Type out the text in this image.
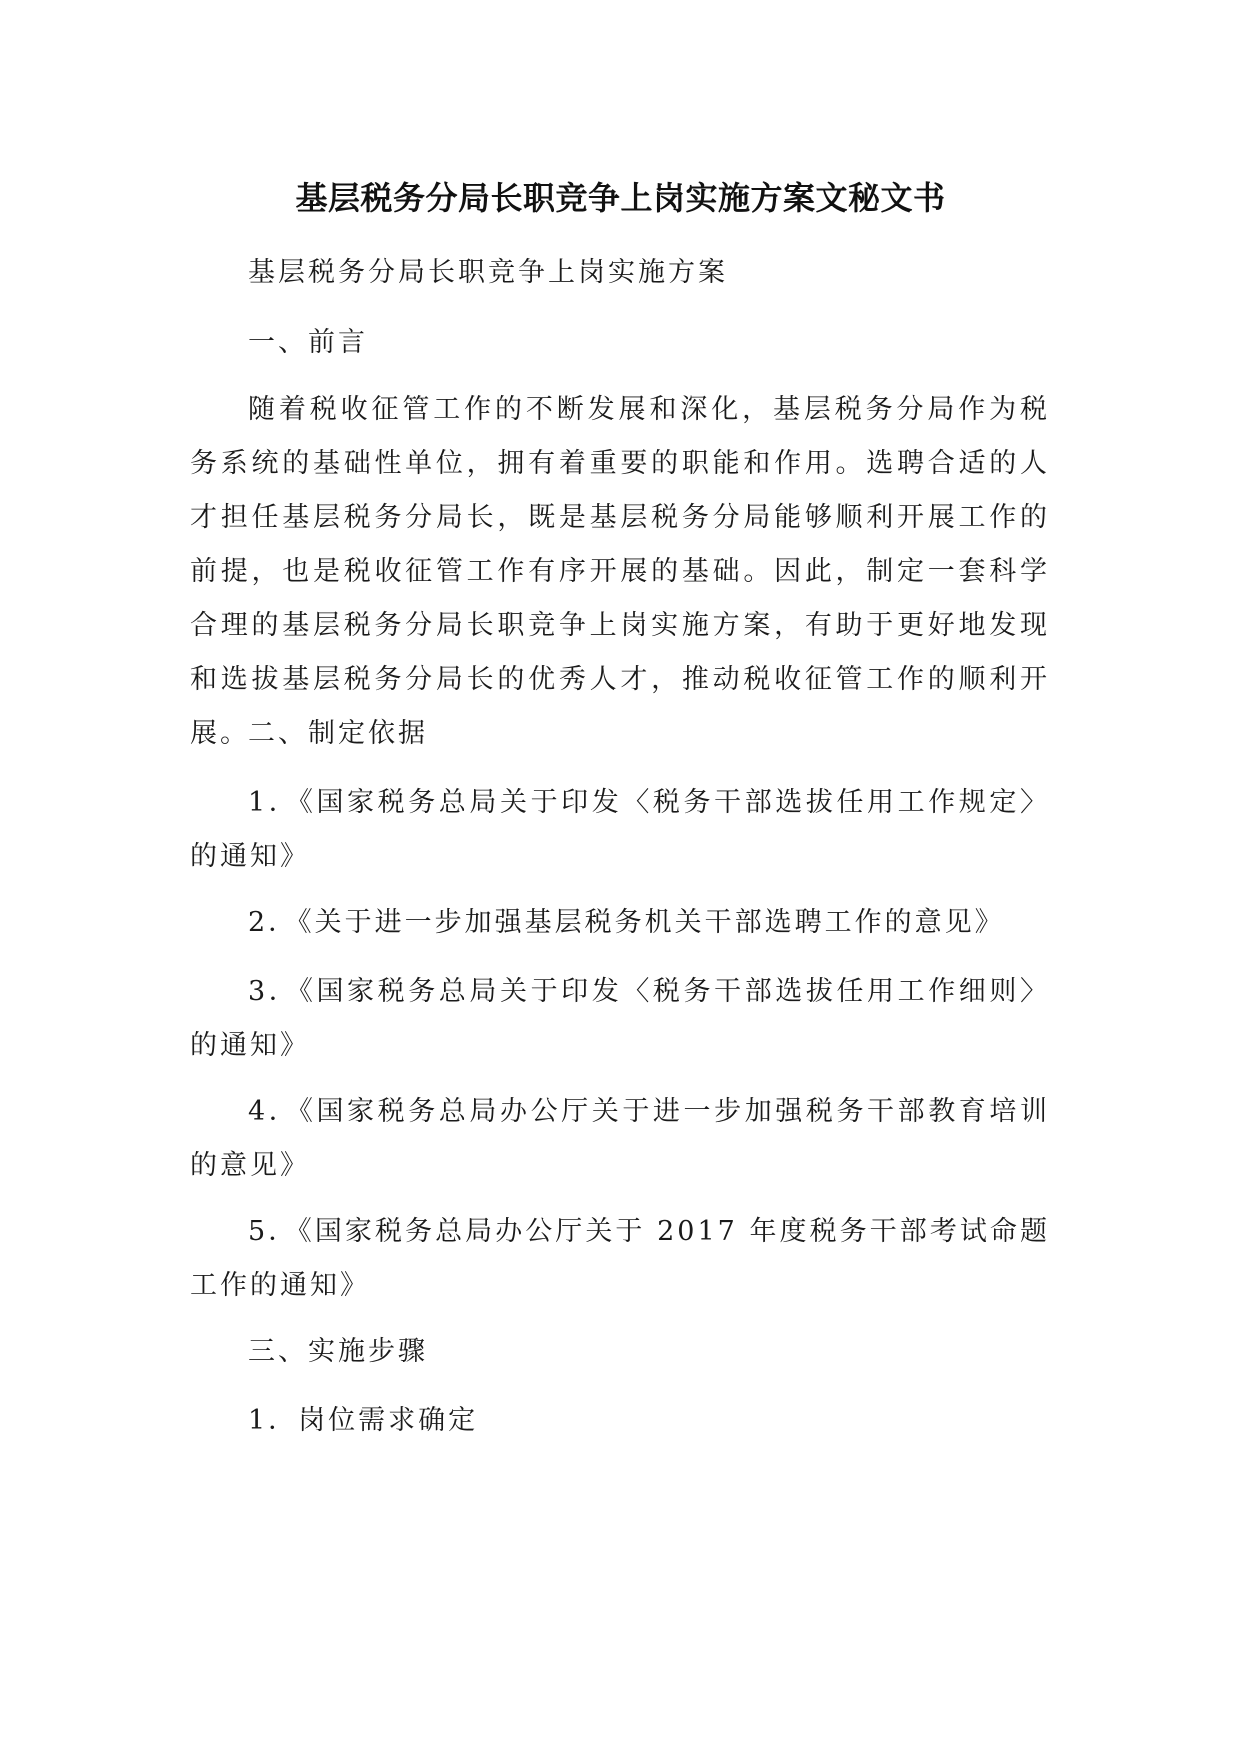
基层税务分局长职竞争上岗实施方案文秘文书

基层税务分局长职竞争上岗实施方案

一、前言

随着税收征管工作的不断发展和深化，基层税务分局作为税务系统的基础性单位，拥有着重要的职能和作用。选聘合适的人才担任基层税务分局长，既是基层税务分局能够顺利开展工作的前提，也是税收征管工作有序开展的基础。因此，制定一套科学合理的基层税务分局长职竞争上岗实施方案，有助于更好地发现和选拔基层税务分局长的优秀人才，推动税收征管工作的顺利开展。

二、制定依据

1．《国家税务总局关于印发〈税务干部选拔任用工作规定〉的通知》

2．《关于进一步加强基层税务机关干部选聘工作的意见》

3．《国家税务总局关于印发〈税务干部选拔任用工作细则〉的通知》

4．《国家税务总局办公厅关于进一步加强税务干部教育培训的意见》

5．《国家税务总局办公厅关于 2017 年度税务干部考试命题工作的通知》

三、实施步骤

1．岗位需求确定
